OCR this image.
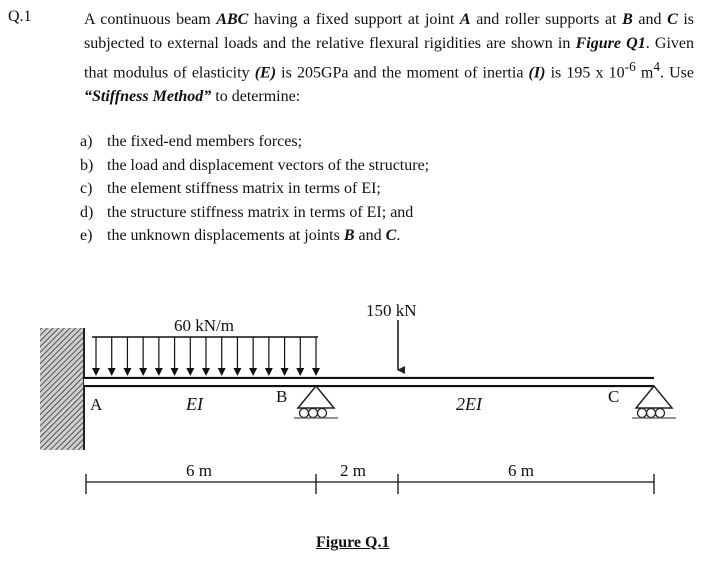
Q.1	A continuous beam ABC having a fixed support at joint A and roller supports at B and C is subjected to external loads and the relative flexural rigidities are shown in Figure Q1. Given that modulus of elasticity (E) is 205GPa and the moment of inertia (I) is 195 x $10^{-6}$ $m^4$. Use “Stiffness Method” to determine:
a) the fixed-end members forces;
b) the load and displacement vectors of the structure;
c) the element stiffness matrix in terms of EI;
d) the structure stiffness matrix in terms of EI; and
e) the unknown displacements at joints B and C.
60 kN/m
150 kN
A	B	C
EI	2EI
6 m	2 m	6 m
Figure Q.1
